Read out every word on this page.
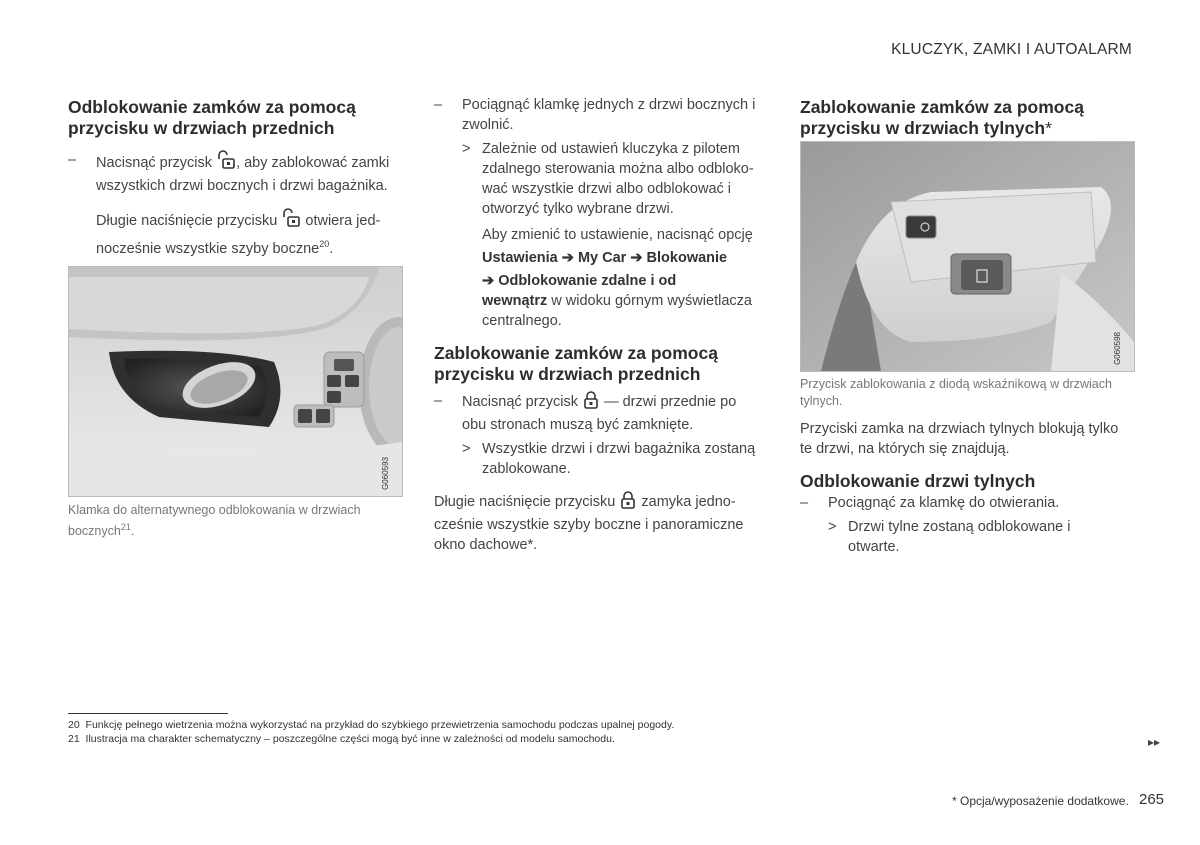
KLUCZYK, ZAMKI I AUTOALARM
Odblokowanie zamków za pomocą
przycisku w drzwiach przednich
– Nacisnąć przycisk , aby zablokować zamki
wszystkich drzwi bocznych i drzwi bagażnika.
Długie naciśnięcie przycisku  otwiera jed-
nocześnie wszystkie szyby boczne$^{20}$.
G060593
Klamka do alternatywnego odblokowania w drzwiach
bocznych$^{21}$.
– Pociągnąć klamkę jednych z drzwi bocznych i
zwolnić.
> Zależnie od ustawień kluczyka z pilotem
zdalnego sterowania można albo odbloko-
wać wszystkie drzwi albo odblokować i
otworzyć tylko wybrane drzwi.
Aby zmienić to ustawienie, nacisnąć opcję

Ustawienia ➔ My Car ➔ Blokowanie
➔ Odblokowanie zdalne i od
wewnątrz w widoku górnym wyświetlacza
centralnego.
Zablokowanie zamków za pomocą
przycisku w drzwiach przednich
– Nacisnąć przycisk  — drzwi przednie po
obu stronach muszą być zamknięte.
> Wszystkie drzwi i drzwi bagażnika zostaną
zablokowane.
Długie naciśnięcie przycisku  zamyka jedno-
cześnie wszystkie szyby boczne i panoramiczne
okno dachowe*.
Zablokowanie zamków za pomocą
przycisku w drzwiach tylnych*
G060598
Przycisk zablokowania z diodą wskaźnikową w drzwiach
tylnych.
Przyciski zamka na drzwiach tylnych blokują tylko
te drzwi, na których się znajdują.
Odblokowanie drzwi tylnych
– Pociągnąć za klamkę do otwierania.
> Drzwi tylne zostaną odblokowane i
otwarte.
20 Funkcję pełnego wietrzenia można wykorzystać na przykład do szybkiego przewietrzenia samochodu podczas upalnej pogody.
21 Ilustracja ma charakter schematyczny – poszczególne części mogą być inne w zależności od modelu samochodu.	▸▸
* Opcja/wyposażenie dodatkowe. 265
